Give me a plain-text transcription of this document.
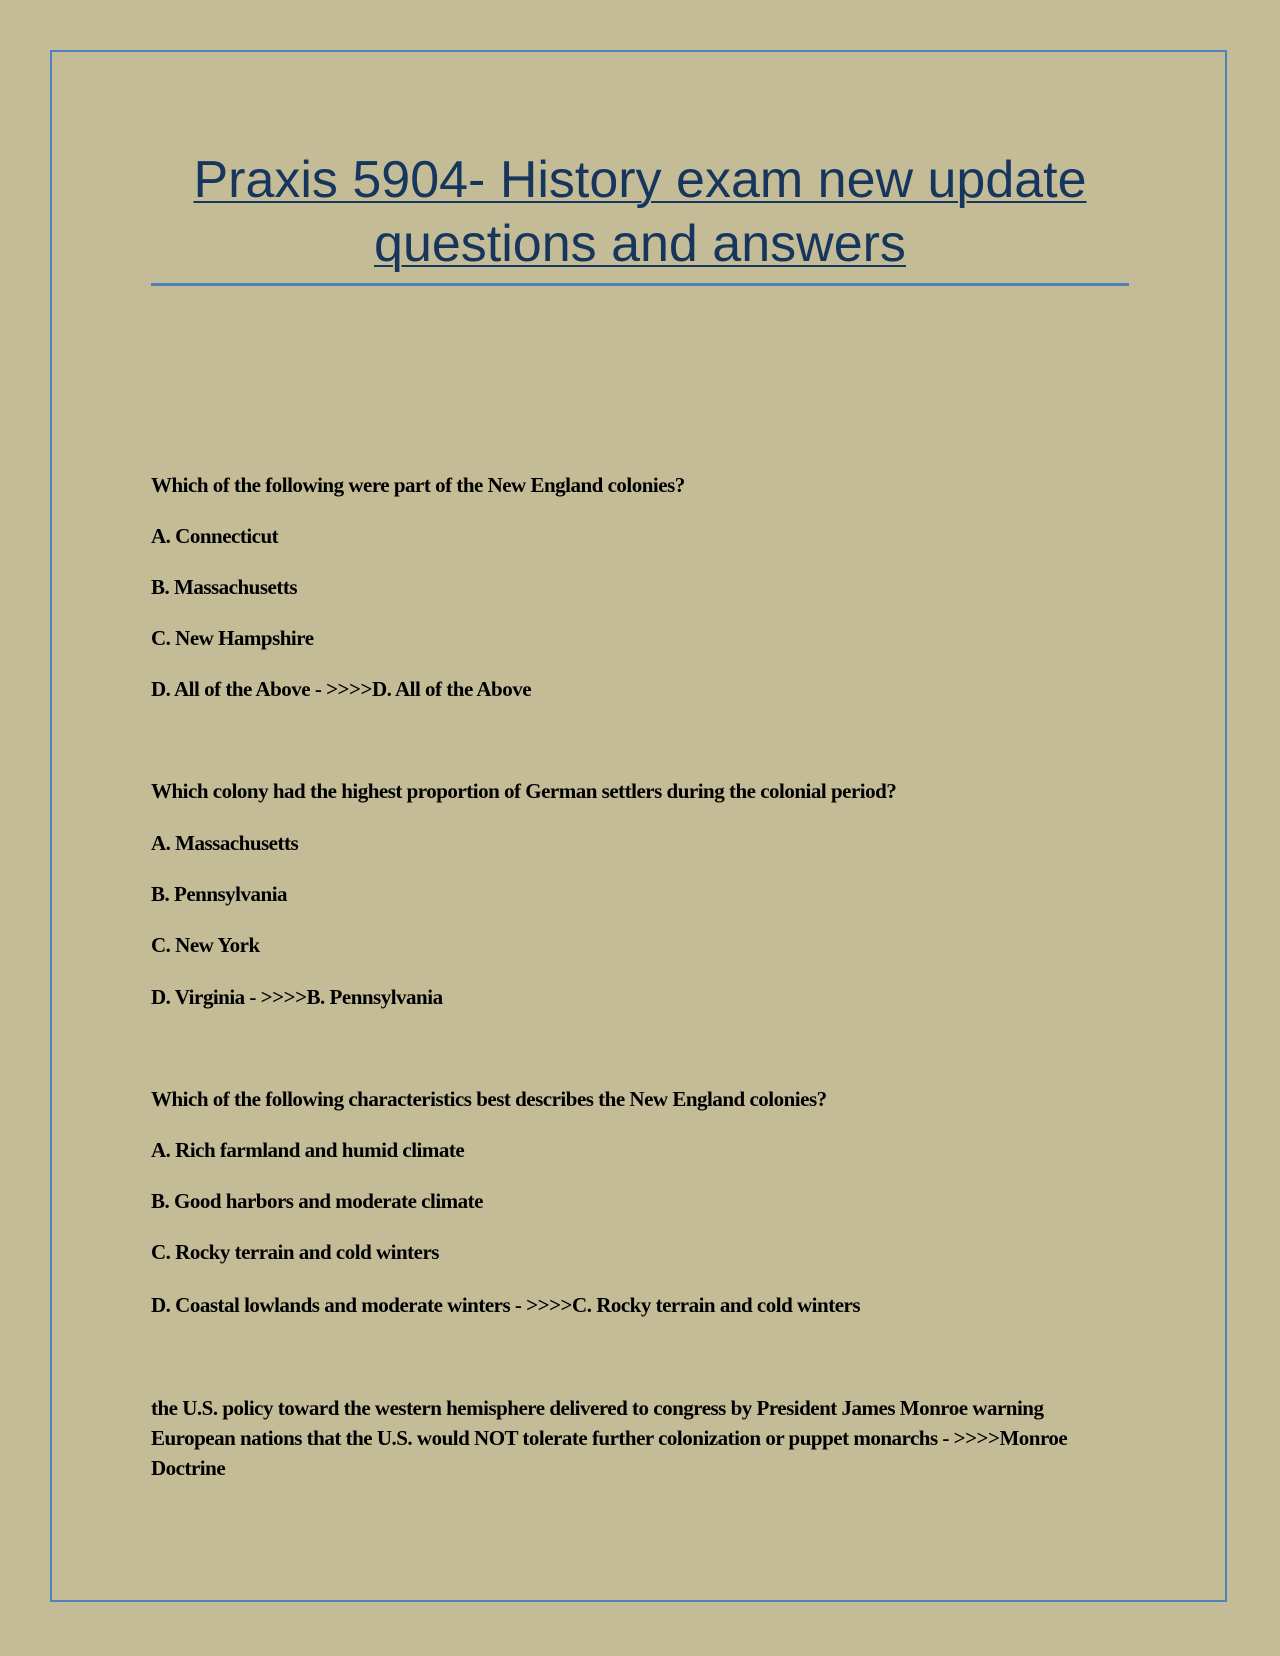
Praxis 5904- History exam new update questions and answers
Which of the following were part of the New England colonies?
A. Connecticut
B. Massachusetts
C. New Hampshire
D. All of the Above - >>>>D. All of the Above
Which colony had the highest proportion of German settlers during the colonial period?
A. Massachusetts
B. Pennsylvania
C. New York
D. Virginia - >>>>B. Pennsylvania
Which of the following characteristics best describes the New England colonies?
A. Rich farmland and humid climate
B. Good harbors and moderate climate
C. Rocky terrain and cold winters
D. Coastal lowlands and moderate winters - >>>>C. Rocky terrain and cold winters
the U.S. policy toward the western hemisphere delivered to congress by President James Monroe warning European nations that the U.S. would NOT tolerate further colonization or puppet monarchs - >>>>Monroe Doctrine
